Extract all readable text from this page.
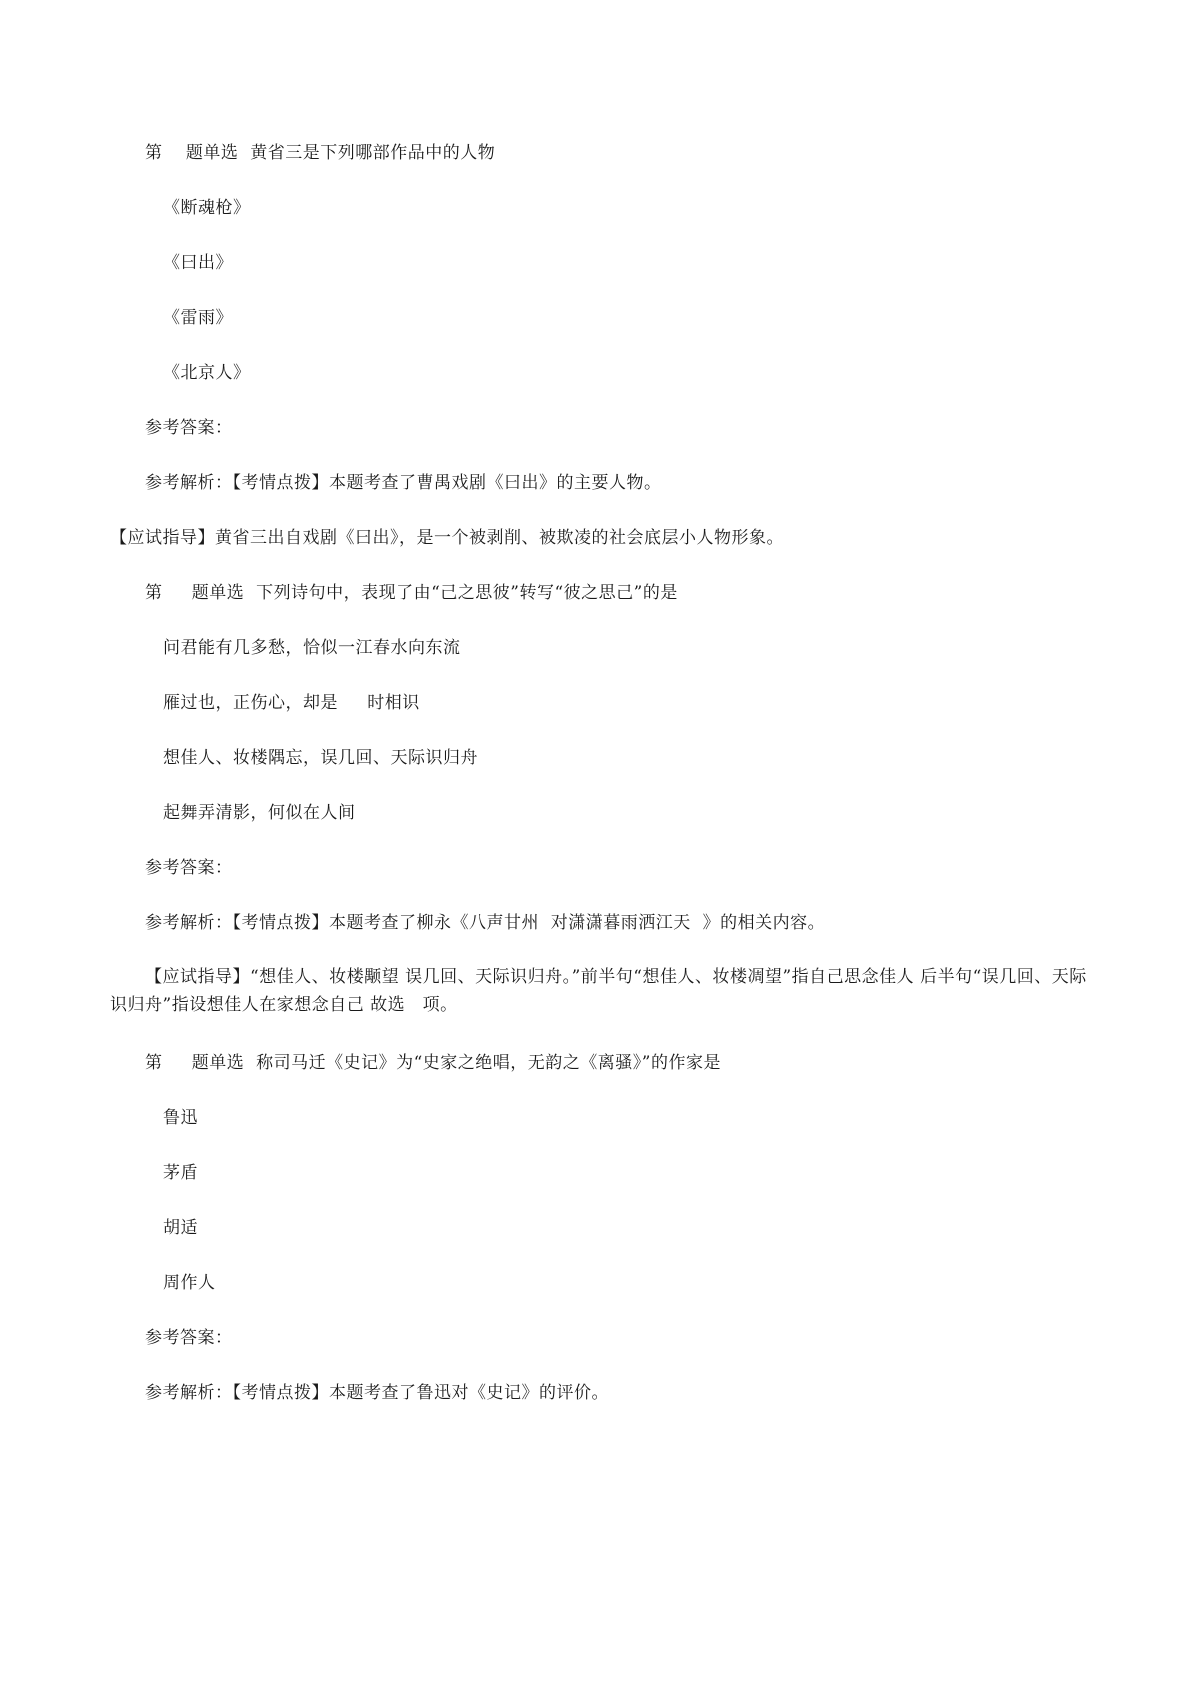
第　 题单选  黄省三是下列哪部作品中的人物
《断魂枪》
《曰出》
《雷雨》
《北京人》
参考答案：
参考解析：【考情点拨】本题考查了曹禺戏剧《曰出》的主要人物。
【应试指导】黄省三出自戏剧《曰出》，是一个被剥削、被欺凌的社会底层小人物形象。
第　  题单选  下列诗句中，表现了由“己之思彼”转写“彼之思己”的是
问君能有几多愁，恰似一江春水向东流
雁过也，正伤心，却是　  时相识
想佳人、妆楼隅忘，误几回、天际识归舟
起舞弄清影，何似在人间
参考答案：
参考解析：【考情点拨】本题考查了柳永《八声甘州  对潇潇暮雨洒江天  》的相关内容。
【应试指导】“想佳人、妆楼颙望 误几回、天际识归舟。”前半句“想佳人、妆楼凋望”指自己思念佳人 后半句“误几回、天际识归舟”指设想佳人在家想念自己 故选　项。
第　  题单选  称司马迁《史记》为“史家之绝唱，无韵之《离骚》”的作家是
鲁迅
茅盾
胡适
周作人
参考答案：
参考解析：【考情点拨】本题考查了鲁迅对《史记》的评价。
